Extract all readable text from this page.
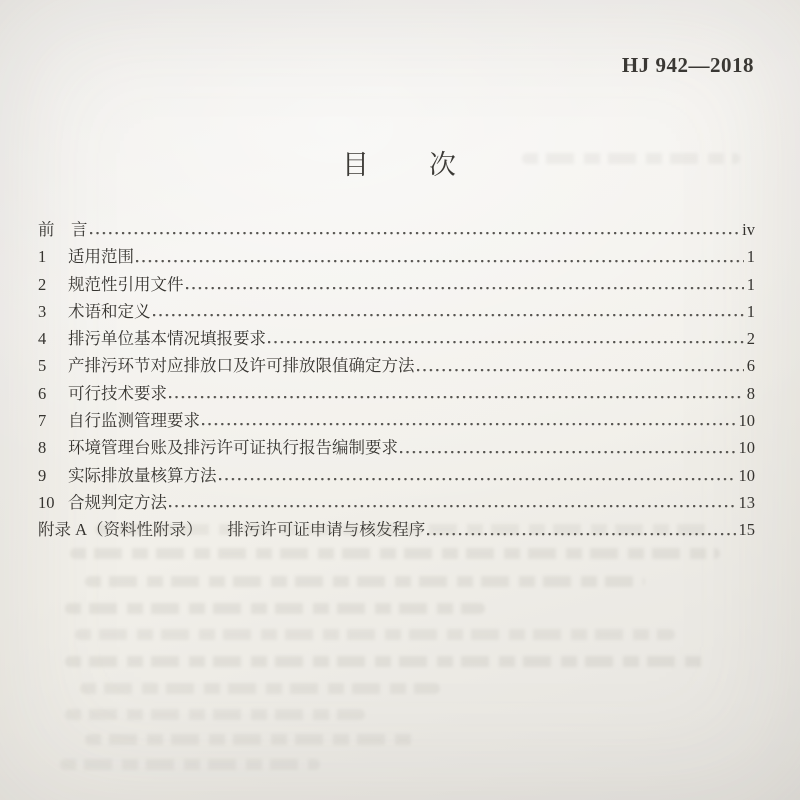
HJ 942—2018
目　　次
前　言	iv
1	适用范围	1
2	规范性引用文件	1
3	术语和定义	1
4	排污单位基本情况填报要求	2
5	产排污环节对应排放口及许可排放限值确定方法	6
6	可行技术要求	8
7	自行监测管理要求	10
8	环境管理台账及排污许可证执行报告编制要求	10
9	实际排放量核算方法	10
10 合规判定方法	13
附录 A（资料性附录）　　排污许可证申请与核发程序	15
